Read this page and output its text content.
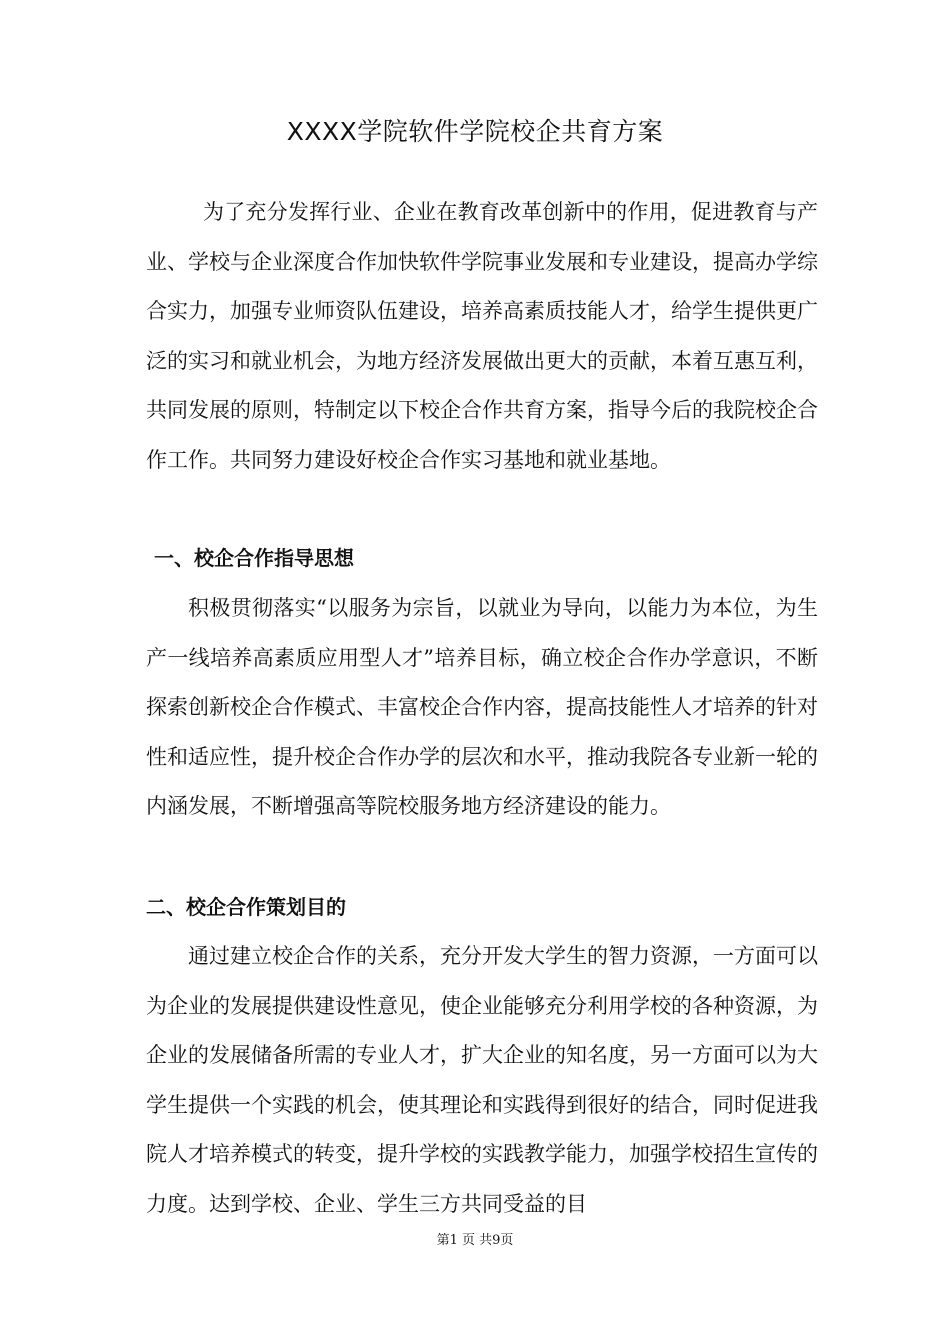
XXXX学院软件学院校企共育方案

为了充分发挥行业、企业在教育改革创新中的作用，促进教育与产业、学校与企业深度合作加快软件学院事业发展和专业建设，提高办学综合实力，加强专业师资队伍建设，培养高素质技能人才，给学生提供更广泛的实习和就业机会，为地方经济发展做出更大的贡献，本着互惠互利，共同发展的原则，特制定以下校企合作共育方案，指导今后的我院校企合作工作。共同努力建设好校企合作实习基地和就业基地。

一、校企合作指导思想

积极贯彻落实“以服务为宗旨，以就业为导向，以能力为本位，为生产一线培养高素质应用型人才”培养目标，确立校企合作办学意识，不断探索创新校企合作模式、丰富校企合作内容，提高技能性人才培养的针对性和适应性，提升校企合作办学的层次和水平，推动我院各专业新一轮的内涵发展，不断增强高等院校服务地方经济建设的能力。

二、校企合作策划目的

通过建立校企合作的关系，充分开发大学生的智力资源，一方面可以为企业的发展提供建设性意见，使企业能够充分利用学校的各种资源，为企业的发展储备所需的专业人才，扩大企业的知名度，另一方面可以为大学生提供一个实践的机会，使其理论和实践得到很好的结合，同时促进我院人才培养模式的转变，提升学校的实践教学能力，加强学校招生宣传的力度。达到学校、企业、学生三方共同受益的目

第1 页 共9页
